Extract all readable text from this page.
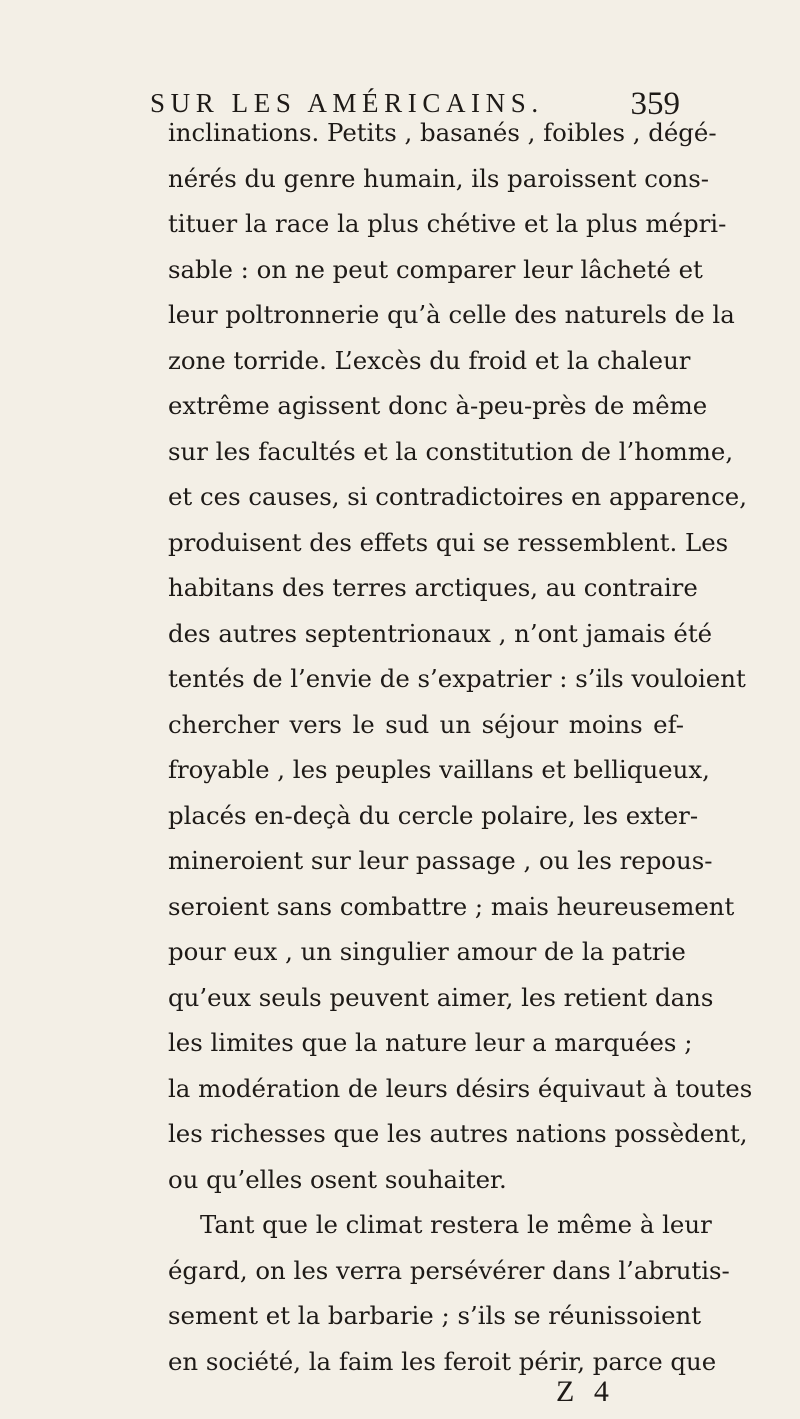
SUR LES AMÉRICAINS.	359
inclinations. Petits , basanés , foibles , dégé-
nérés du genre humain, ils paroissent cons-
tituer la race la plus chétive et la plus mépri-
sable : on ne peut comparer leur lâcheté et
leur poltronnerie qu’à celle des naturels de la
zone torride. L’excès du froid et la chaleur
extrême agissent donc à-peu-près de même
sur les facultés et la constitution de l’homme,
et ces causes, si contradictoires en apparence,
produisent des effets qui se ressemblent. Les
habitans des terres arctiques, au contraire
des autres septentrionaux , n’ont jamais été
tentés de l’envie de s’expatrier : s’ils vouloient
chercher vers le sud un séjour moins ef-
froyable , les peuples vaillans et belliqueux,
placés en-deçà du cercle polaire, les exter-
mineroient sur leur passage , ou les repous-
seroient sans combattre ; mais heureusement
pour eux , un singulier amour de la patrie
qu’eux seuls peuvent aimer, les retient dans
les limites que la nature leur a marquées ;
la modération de leurs désirs équivaut à toutes
les richesses que les autres nations possèdent,
ou qu’elles osent souhaiter.
Tant que le climat restera le même à leur
égard, on les verra persévérer dans l’abrutis-
sement et la barbarie ; s’ils se réunissoient
en société, la faim les feroit périr, parce que
Z 4
